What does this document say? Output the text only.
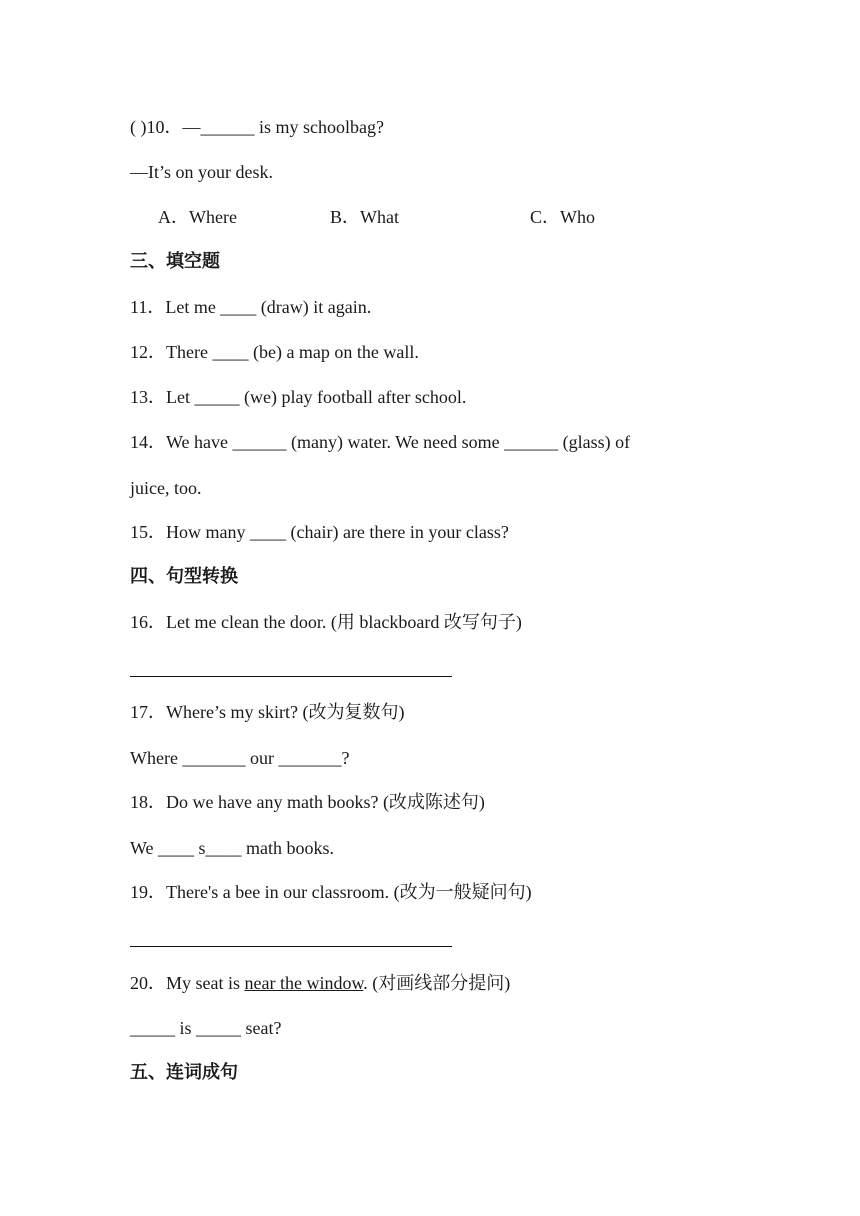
( )10．—______ is my schoolbag?
—It’s on your desk.
A．Where	B．What	C．Who
三、填空题
11．Let me ____ (draw) it again.
12．There ____ (be) a map on the wall.
13．Let _____ (we) play football after school.
14．We have ______ (many) water. We need some ______ (glass) of
juice, too.
15．How many ____ (chair) are there in your class?
四、句型转换
16．Let me clean the door. (用 blackboard 改写句子)
17．Where’s my skirt? (改为复数句)
Where _______ our _______?
18．Do we have any math books? (改成陈述句)
We ____ s____ math books.
19．There's a bee in our classroom. (改为一般疑问句)
20．My seat is near the window. (对画线部分提问)
_____ is _____ seat?
五、连词成句
